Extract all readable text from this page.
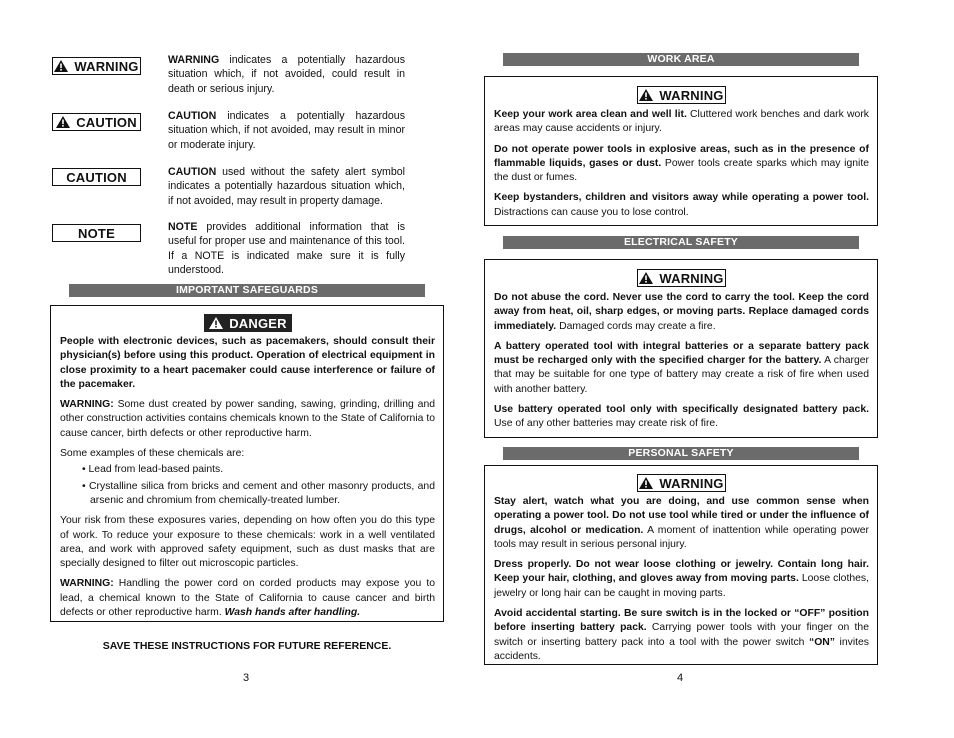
WARNING	WARNING indicates a potentially hazardous situation which, if not avoided, could result in death or serious injury.
CAUTION	CAUTION indicates a potentially hazardous situation which, if not avoided, may result in minor or moderate injury.
CAUTION	CAUTION used without the safety alert symbol indicates a potentially hazardous situation which, if not avoided, may result in property damage.
NOTE	NOTE provides additional information that is useful for proper use and maintenance of this tool. If a NOTE is indicated make sure it is fully understood.
IMPORTANT SAFEGUARDS
DANGER

People with electronic devices, such as pacemakers, should consult their physician(s) before using this product. Operation of electrical equipment in close proximity to a heart pacemaker could cause interference or failure of the pacemaker.

WARNING: Some dust created by power sanding, sawing, grinding, drilling and other construction activities contains chemicals known to the State of California to cause cancer, birth defects or other reproductive harm.

Some examples of these chemicals are:

• Lead from lead-based paints.

• Crystalline silica from bricks and cement and other masonry products, and arsenic and chromium from chemically-treated lumber.

Your risk from these exposures varies, depending on how often you do this type of work. To reduce your exposure to these chemicals: work in a well ventilated area, and work with approved safety equipment, such as dust masks that are specially designed to filter out microscopic particles.

WARNING: Handling the power cord on corded products may expose you to lead, a chemical known to the State of California to cause cancer and birth defects or other reproductive harm. Wash hands after handling.

SAVE THESE INSTRUCTIONS FOR FUTURE REFERENCE.
3
WORK AREA
WARNING

Keep your work area clean and well lit. Cluttered work benches and dark work areas may cause accidents or injury.

Do not operate power tools in explosive areas, such as in the presence of flammable liquids, gases or dust. Power tools create sparks which may ignite the dust or fumes.

Keep bystanders, children and visitors away while operating a power tool. Distractions can cause you to lose control.

ELECTRICAL SAFETY
WARNING

Do not abuse the cord. Never use the cord to carry the tool. Keep the cord away from heat, oil, sharp edges, or moving parts. Replace damaged cords immediately. Damaged cords may create a fire.

A battery operated tool with integral batteries or a separate battery pack must be recharged only with the specified charger for the battery. A charger that may be suitable for one type of battery may create a risk of fire when used with another battery.

Use battery operated tool only with specifically designated battery pack. Use of any other batteries may create risk of fire.

PERSONAL SAFETY
WARNING

Stay alert, watch what you are doing, and use common sense when operating a power tool. Do not use tool while tired or under the influence of drugs, alcohol or medication. A moment of inattention while operating power tools may result in serious personal injury.

Dress properly. Do not wear loose clothing or jewelry. Contain long hair. Keep your hair, clothing, and gloves away from moving parts. Loose clothes, jewelry or long hair can be caught in moving parts.

Avoid accidental starting. Be sure switch is in the locked or “OFF” position before inserting battery pack. Carrying power tools with your finger on the switch or inserting battery pack into a tool with the power switch “ON” invites accidents.

4
